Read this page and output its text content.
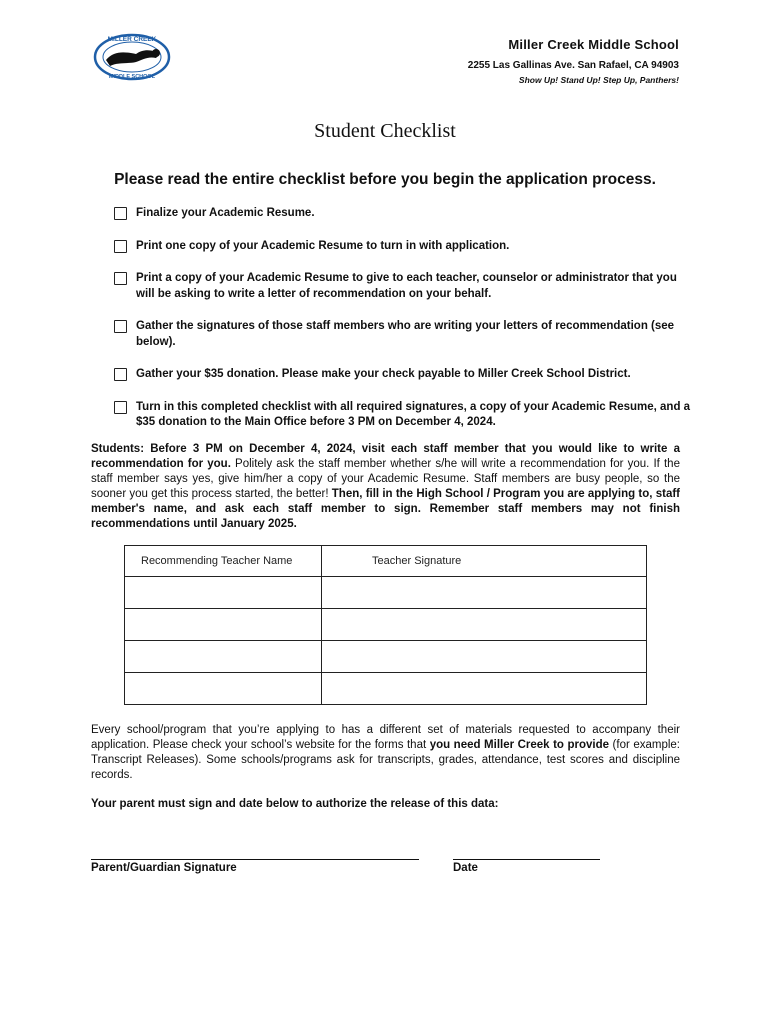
MILLER CREEK
MIDDLE SCHOOL
Miller Creek Middle School
2255 Las Gallinas Ave. San Rafael, CA 94903
Show Up! Stand Up! Step Up, Panthers!
Student Checklist
Please read the entire checklist before you begin the application process.
Finalize your Academic Resume.
Print one copy of your Academic Resume to turn in with application.
Print a copy of your Academic Resume to give to each teacher, counselor or administrator that you will be asking to write a letter of recommendation on your behalf.
Gather the signatures of those staff members who are writing your letters of recommendation (see below).
Gather your $35 donation. Please make your check payable to Miller Creek School District.
Turn in this completed checklist with all required signatures, a copy of your Academic Resume, and a $35 donation to the Main Office before 3 PM on December 4, 2024.
Students: Before 3 PM on December 4, 2024, visit each staff member that you would like to write a recommendation for you. Politely ask the staff member whether s/he will write a recommendation for you. If the staff member says yes, give him/her a copy of your Academic Resume. Staff members are busy people, so the sooner you get this process started, the better! Then, fill in the High School / Program you are applying to, staff member's name, and ask each staff member to sign. Remember staff members may not finish recommendations until January 2025.
Recommending Teacher Name	Teacher Signature

Every school/program that you’re applying to has a different set of materials requested to accompany their application. Please check your school’s website for the forms that you need Miller Creek to provide (for example: Transcript Releases). Some schools/programs ask for transcripts, grades, attendance, test scores and discipline records.
Your parent must sign and date below to authorize the release of this data:
Parent/Guardian Signature	Date
